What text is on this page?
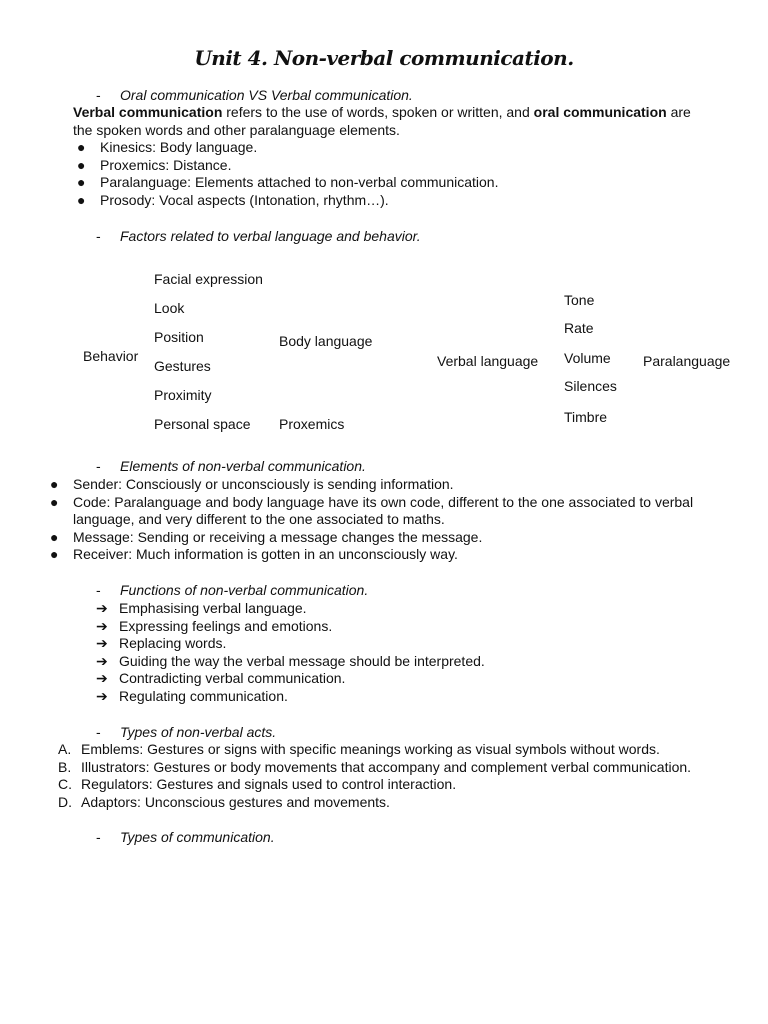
Unit 4. Non-verbal communication.
- Oral communication VS Verbal communication.
Verbal communication refers to the use of words, spoken or written, and oral communication are the spoken words and other paralanguage elements.
● Kinesics: Body language.
● Proxemics: Distance.
● Paralanguage: Elements attached to non-verbal communication.
● Prosody: Vocal aspects (Intonation, rhythm…).
- Factors related to verbal language and behavior.
Behavior
Facial expression
Look
Position
Gestures
Proximity
Personal space
Body language
Proxemics
Verbal language
Tone
Rate
Volume
Silences
Timbre
Paralanguage
- Elements of non-verbal communication.
● Sender: Consciously or unconsciously is sending information.
● Code: Paralanguage and body language have its own code, different to the one associated to verbal language, and very different to the one associated to maths.
● Message: Sending or receiving a message changes the message.
● Receiver: Much information is gotten in an unconsciously way.
- Functions of non-verbal communication.
➔ Emphasising verbal language.
➔ Expressing feelings and emotions.
➔ Replacing words.
➔ Guiding the way the verbal message should be interpreted.
➔ Contradicting verbal communication.
➔ Regulating communication.
- Types of non-verbal acts.
A. Emblems: Gestures or signs with specific meanings working as visual symbols without words.
B. Illustrators: Gestures or body movements that accompany and complement verbal communication.
C. Regulators: Gestures and signals used to control interaction.
D. Adaptors: Unconscious gestures and movements.
- Types of communication.
